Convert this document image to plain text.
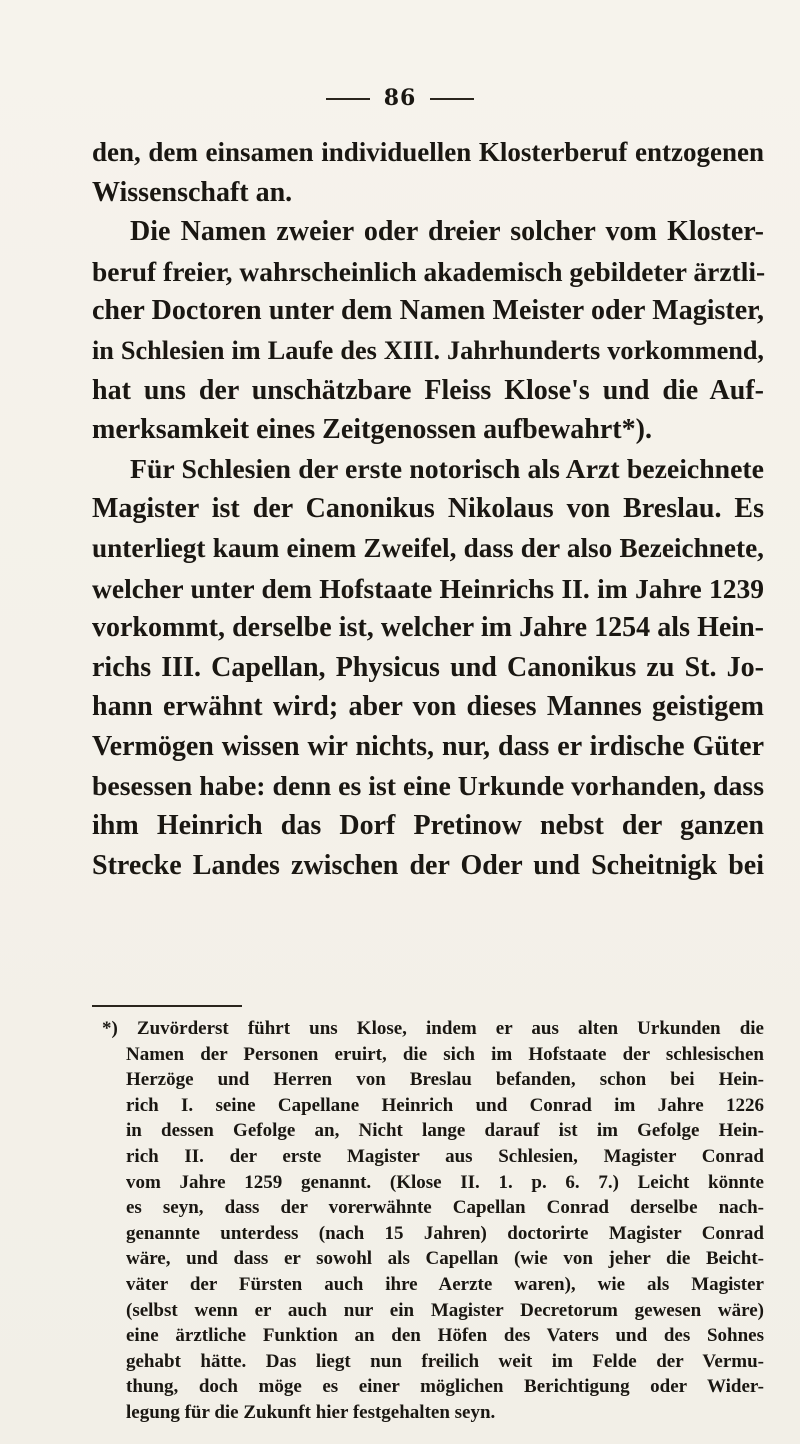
86
den, dem einsamen individuellen Klosterberuf entzogenen
Wissenschaft an.
Die Namen zweier oder dreier solcher vom Kloster-
beruf freier, wahrscheinlich akademisch gebildeter ärztli-
cher Doctoren unter dem Namen Meister oder Magister,
in Schlesien im Laufe des XIII. Jahrhunderts vorkommend,
hat uns der unschätzbare Fleiss Klose's und die Auf-
merksamkeit eines Zeitgenossen aufbewahrt*).
Für Schlesien der erste notorisch als Arzt bezeichnete
Magister ist der Canonikus Nikolaus von Breslau. Es
unterliegt kaum einem Zweifel, dass der also Bezeichnete,
welcher unter dem Hofstaate Heinrichs II. im Jahre 1239
vorkommt, derselbe ist, welcher im Jahre 1254 als Hein-
richs III. Capellan, Physicus und Canonikus zu St. Jo-
hann erwähnt wird; aber von dieses Mannes geistigem
Vermögen wissen wir nichts, nur, dass er irdische Güter
besessen habe: denn es ist eine Urkunde vorhanden, dass
ihm Heinrich das Dorf Pretinow nebst der ganzen
Strecke Landes zwischen der Oder und Scheitnigk bei
*) Zuvörderst führt uns Klose, indem er aus alten Urkunden die
Namen der Personen eruirt, die sich im Hofstaate der schlesischen
Herzöge und Herren von Breslau befanden, schon bei Hein-
rich I. seine Capellane Heinrich und Conrad im Jahre 1226
in dessen Gefolge an, Nicht lange darauf ist im Gefolge Hein-
rich II. der erste Magister aus Schlesien, Magister Conrad
vom Jahre 1259 genannt. (Klose II. 1. p. 6. 7.) Leicht könnte
es seyn, dass der vorerwähnte Capellan Conrad derselbe nach-
genannte unterdess (nach 15 Jahren) doctorirte Magister Conrad
wäre, und dass er sowohl als Capellan (wie von jeher die Beicht-
väter der Fürsten auch ihre Aerzte waren), wie als Magister
(selbst wenn er auch nur ein Magister Decretorum gewesen wäre)
eine ärztliche Funktion an den Höfen des Vaters und des Sohnes
gehabt hätte. Das liegt nun freilich weit im Felde der Vermu-
thung, doch möge es einer möglichen Berichtigung oder Wider-
legung für die Zukunft hier festgehalten seyn.
